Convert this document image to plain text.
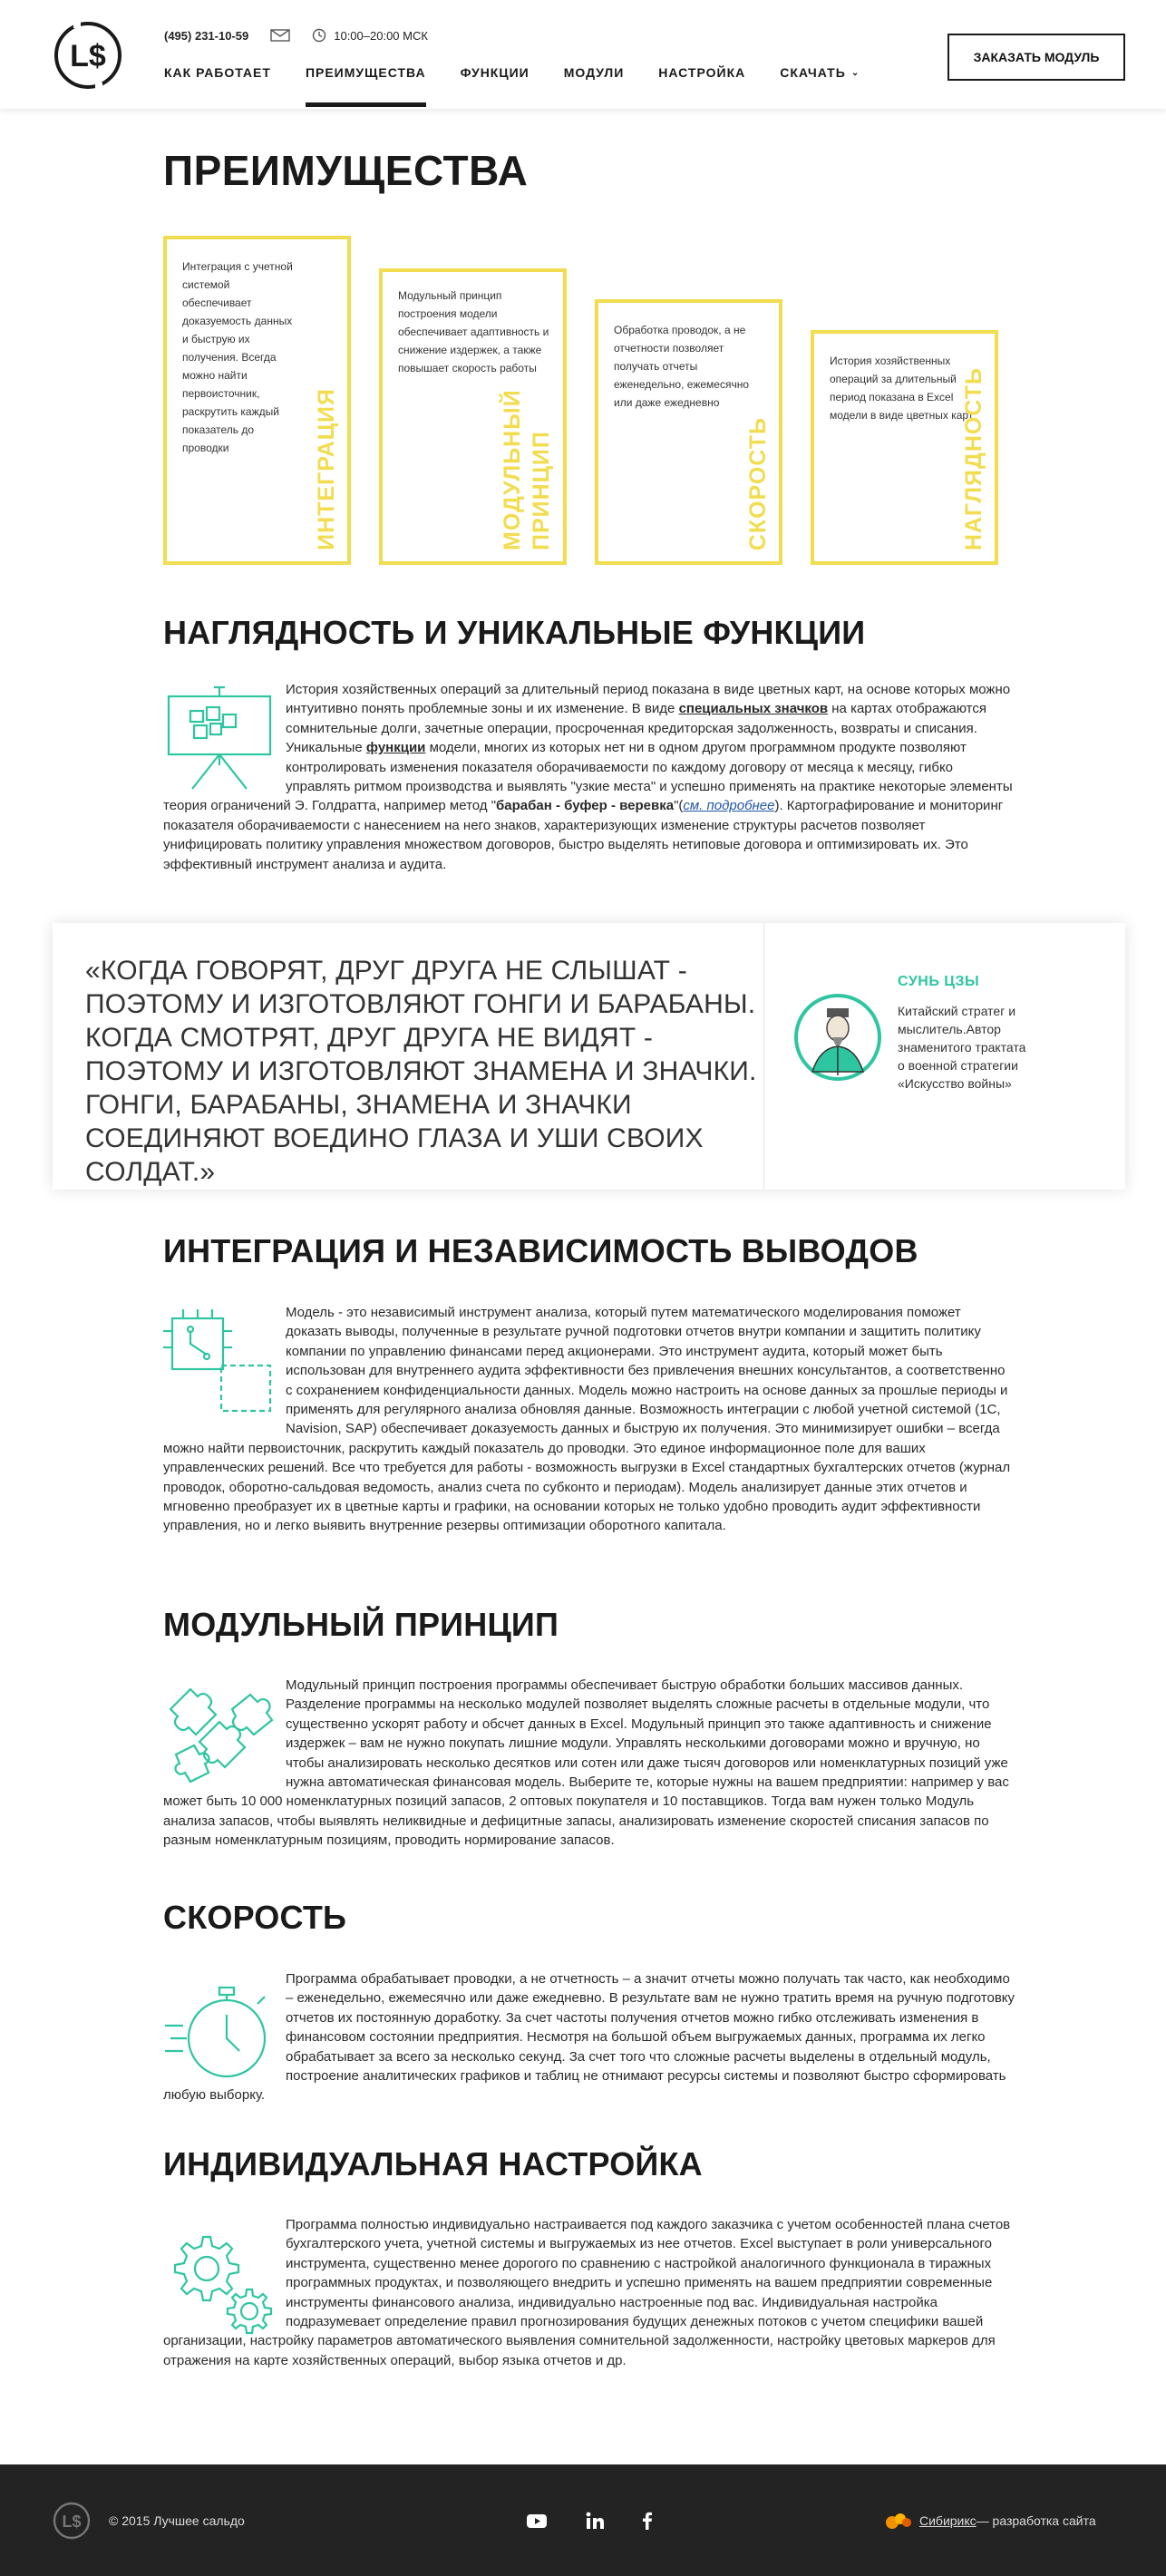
L$
(495) 231-10-59	10:00–20:00 МСК
КАК РАБОТАЕТ	ПРЕИМУЩЕСТВА	ФУНКЦИИ	МОДУЛИ	НАСТРОЙКА	СКАЧАТЬ ⌄
ЗАКАЗАТЬ МОДУЛЬ
ПРЕИМУЩЕСТВА
Интеграция с учетной системой обеспечивает доказуемость данных и быструю их получения. Всегда можно найти первоисточник, раскрутить каждый показатель до проводки	ИНТЕГРАЦИЯ
Модульный принцип построения модели обеспечивает адаптивность и снижение издержек, а также повышает скорость работы
МОДУЛЬНЫЙ ПРИНЦИП
Обработка проводок, а не отчетности позволяет получать отчеты еженедельно, ежемесячно или даже ежедневно
СКОРОСТЬ
История хозяйственных операций за длительный период показана в Excel модели в виде цветных карт
НАГЛЯДНОСТЬ
НАГЛЯДНОСТЬ И УНИКАЛЬНЫЕ ФУНКЦИИ
История хозяйственных операций за длительный период показана в виде цветных карт, на основе которых можно интуитивно понять проблемные зоны и их изменение. В виде специальных значков на картах отображаются сомнительные долги, зачетные операции, просроченная кредиторская задолженность, возвраты и списания. Уникальные функции модели, многих из которых нет ни в одном другом программном продукте позволяют контролировать изменения показателя оборачиваемости по каждому договору от месяца к месяцу, гибко управлять ритмом производства и выявлять "узкие места" и успешно применять на практике некоторые элементы теория ограничений Э. Голдратта, например метод "барабан - буфер - веревка"(см. подробнее). Картографирование и мониторинг показателя оборачиваемости с нанесением на него знаков, характеризующих изменение структуры расчетов позволяет унифицировать политику управления множеством договоров, быстро выделять нетиповые договора и оптимизировать их. Это эффективный инструмент анализа и аудита.
«КОГДА ГОВОРЯТ, ДРУГ ДРУГА НЕ СЛЫШАТ - ПОЭТОМУ И ИЗГОТОВЛЯЮТ ГОНГИ И БАРАБАНЫ. КОГДА СМОТРЯТ, ДРУГ ДРУГА НЕ ВИДЯТ - ПОЭТОМУ И ИЗГОТОВЛЯЮТ ЗНАМЕНА И ЗНАЧКИ. ГОНГИ, БАРАБАНЫ, ЗНАМЕНА И ЗНАЧКИ СОЕДИНЯЮТ ВОЕДИНО ГЛАЗА И УШИ СВОИХ СОЛДАТ.»
СУНЬ ЦЗЫ
Китайский стратег и мыслитель.Автор знаменитого трактата о военной стратегии «Искусство войны»
ИНТЕГРАЦИЯ И НЕЗАВИСИМОСТЬ ВЫВОДОВ
Модель - это независимый инструмент анализа, который путем математического моделирования поможет доказать выводы, полученные в результате ручной подготовки отчетов внутри компании и защитить политику компании по управлению финансами перед акционерами. Это инструмент аудита, который может быть использован для внутреннего аудита эффективности без привлечения внешних консультантов, а соответственно с сохранением конфиденциальности данных. Модель можно настроить на основе данных за прошлые периоды и применять для регулярного анализа обновляя данные. Возможность интеграции с любой учетной системой (1C, Navision, SAP) обеспечивает доказуемость данных и быструю их получения. Это минимизирует ошибки – всегда можно найти первоисточник, раскрутить каждый показатель до проводки. Это единое информационное поле для ваших управленческих решений. Все что требуется для работы - возможность выгрузки в Excel стандартных бухгалтерских отчетов (журнал проводок, оборотно-сальдовая ведомость, анализ счета по субконто и периодам). Модель анализирует данные этих отчетов и мгновенно преобразует их в цветные карты и графики, на основании которых не только удобно проводить аудит эффективности управления, но и легко выявить внутренние резервы оптимизации оборотного капитала.
МОДУЛЬНЫЙ ПРИНЦИП
Модульный принцип построения программы обеспечивает быструю обработки больших массивов данных. Разделение программы на несколько модулей позволяет выделять сложные расчеты в отдельные модули, что существенно ускорят работу и обсчет данных в Excel. Модульный принцип это также адаптивность и снижение издержек – вам не нужно покупать лишние модули. Управлять несколькими договорами можно и вручную, но чтобы анализировать несколько десятков или сотен или даже тысяч договоров или номенклатурных позиций уже нужна автоматическая финансовая модель. Выберите те, которые нужны на вашем предприятии: например у вас может быть 10 000 номенклатурных позиций запасов, 2 оптовых покупателя и 10 поставщиков. Тогда вам нужен только Модуль анализа запасов, чтобы выявлять неликвидные и дефицитные запасы, анализировать изменение скоростей списания запасов по разным номенклатурным позициям, проводить нормирование запасов.
СКОРОСТЬ
Программа обрабатывает проводки, а не отчетность – а значит отчеты можно получать так часто, как необходимо – еженедельно, ежемесячно или даже ежедневно. В результате вам не нужно тратить время на ручную подготовку отчетов их постоянную доработку. За счет частоты получения отчетов можно гибко отслеживать изменения в финансовом состоянии предприятия. Несмотря на большой объем выгружаемых данных, программа их легко обрабатывает за всего за несколько секунд. За счет того что сложные расчеты выделены в отдельный модуль, построение аналитических графиков и таблиц не отнимают ресурсы системы и позволяют быстро сформировать любую выборку.
ИНДИВИДУАЛЬНАЯ НАСТРОЙКА
Программа полностью индивидуально настраивается под каждого заказчика с учетом особенностей плана счетов бухгалтерского учета, учетной системы и выгружаемых из нее отчетов. Excel выступает в роли универсального инструмента, существенно менее дорогого по сравнению с настройкой аналогичного функционала в тиражных программных продуктах, и позволяющего внедрить и успешно применять на вашем предприятии современные инструменты финансового анализа, индивидуально настроенные под вас. Индивидуальная настройка подразумевает определение правил прогнозирования будущих денежных потоков с учетом специфики вашей организации, настройку параметров автоматического выявления сомнительной задолженности, настройку цветовых маркеров для отражения на карте хозяйственных операций, выбор языка отчетов и др.
L$ © 2015 Лучшее сальдо	Сибирикс — разработка сайта
